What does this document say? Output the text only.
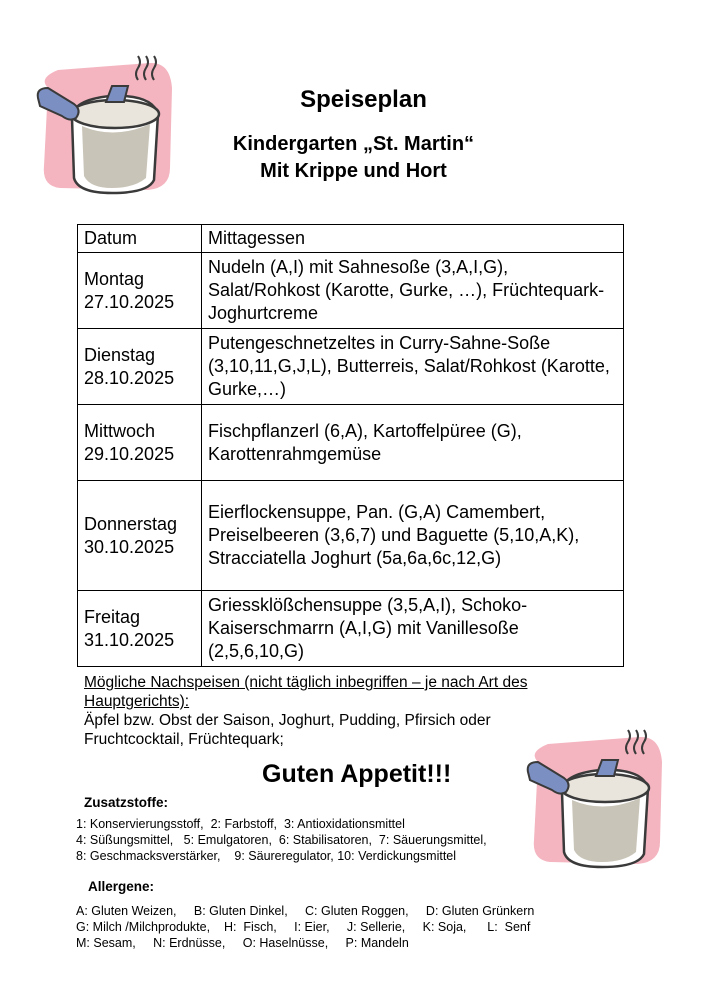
Speiseplan
Kindergarten „St. Martin“
Mit Krippe und Hort
Datum	Mittagessen

Montag
27.10.2025	Nudeln (A,I) mit Sahnesoße (3,A,I,G), Salat/Rohkost (Karotte, Gurke, …), Früchtequark-Joghurtcreme

Dienstag
28.10.2025	Putengeschnetzeltes in Curry-Sahne-Soße (3,10,11,G,J,L), Butterreis, Salat/Rohkost (Karotte, Gurke,…)

Mittwoch
29.10.2025	Fischpflanzerl (6,A), Kartoffelpüree (G), Karottenrahmgemüse

Donnerstag
30.10.2025	Eierflockensuppe, Pan. (G,A) Camembert, Preiselbeeren (3,6,7) und Baguette (5,10,A,K), Stracciatella Joghurt (5a,6a,6c,12,G)

Freitag
31.10.2025	Griessklößchensuppe (3,5,A,I), Schoko-Kaiserschmarrn (A,I,G) mit Vanillesoße (2,5,6,10,G)
Mögliche Nachspeisen (nicht täglich inbegriffen – je nach Art des Hauptgerichts):
Äpfel bzw. Obst der Saison, Joghurt, Pudding, Pfirsich oder Fruchtcocktail, Früchtequark;
Guten Appetit!!!
Zusatzstoffe:
1: Konservierungsstoff,  2: Farbstoff,  3: Antioxidationsmittel
4: Süßungsmittel,   5: Emulgatoren,  6: Stabilisatoren,  7: Säuerungsmittel,
8: Geschmacksverstärker,    9: Säureregulator, 10: Verdickungsmittel
Allergene:
A: Gluten Weizen,     B: Gluten Dinkel,     C: Gluten Roggen,     D: Gluten Grünkern
G: Milch /Milchprodukte,    H:  Fisch,     I: Eier,     J: Sellerie,     K: Soja,      L:  Senf
M: Sesam,     N: Erdnüsse,     O: Haselnüsse,     P: Mandeln
